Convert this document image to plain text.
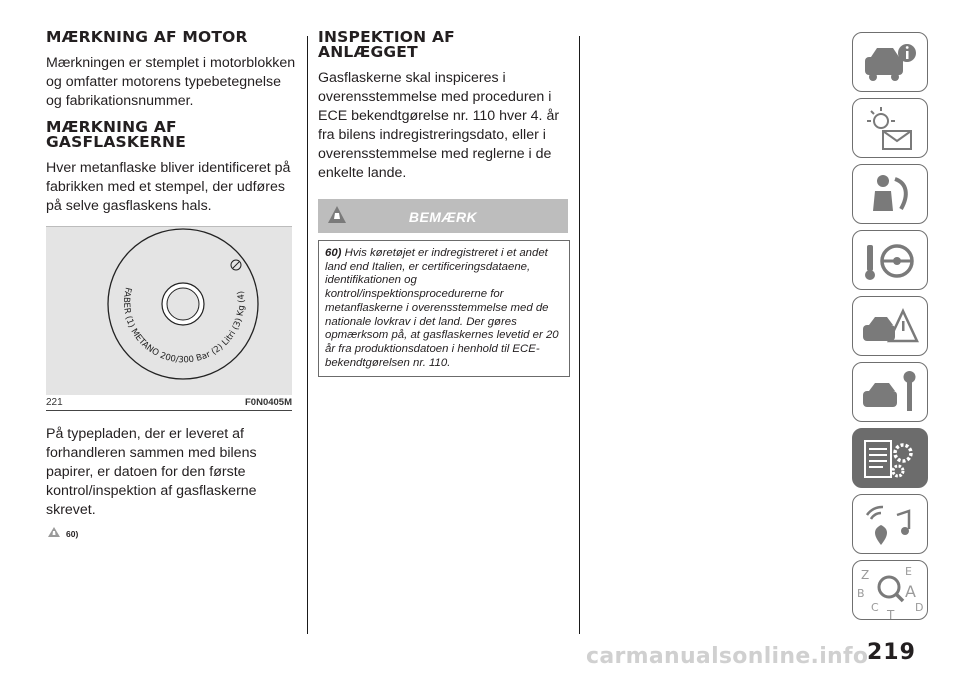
MÆRKNING AF MOTOR

Mærkningen er stemplet i motorblokken og omfatter motorens typebetegnelse og fabrikationsnummer.

MÆRKNING AF
GASFLASKERNE

Hver metanflaske bliver identificeret på fabrikken med et stempel, der udføres på selve gasflaskens hals.

FABER (1) METANO 200/300 Bar (2) Litri (3) Kg (4)
221	F0N0405M

På typepladen, der er leveret af forhandleren sammen med bilens papirer, er datoen for den første kontrol/inspektion af gasflaskerne skrevet.

60)
INSPEKTION AF
ANLÆGGET

Gasflaskerne skal inspiceres i overensstemmelse med proceduren i ECE bekendtgørelse nr. 110 hver 4. år fra bilens indregistreringsdato, eller i overensstemmelse med reglerne i de enkelte lande.

BEMÆRK
60) Hvis køretøjet er indregistreret i et andet land end Italien, er certificeringsdataene, identifikationen og kontrol/inspektionsprocedurerne for metanflaskerne i overensstemmelse med de nationale lovkrav i det land. Der gøres opmærksom på, at gasflaskernes levetid er 20 år fra produktionsdatoen i henhold til ECE-bekendtgørelsen nr. 110.
Z	E
B	A
C	D
T
carmanualsonline.info
219
